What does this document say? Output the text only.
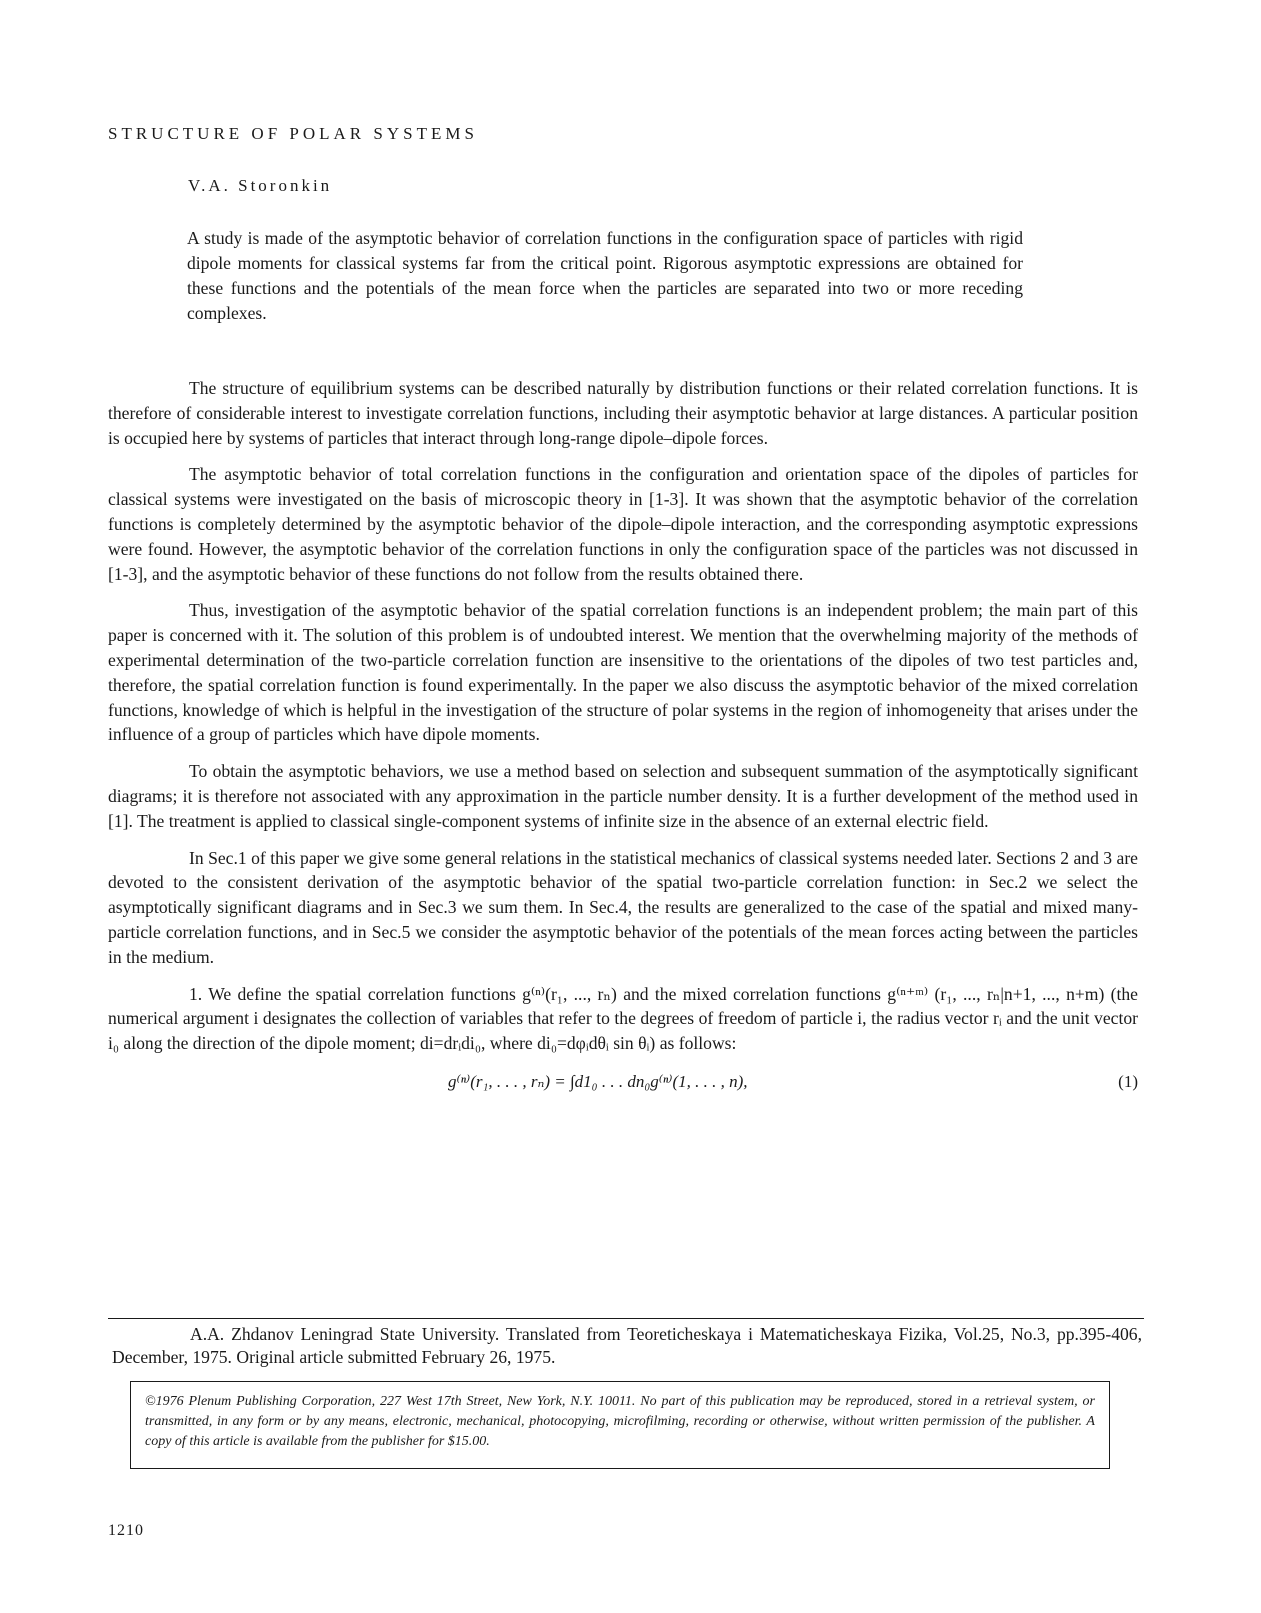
STRUCTURE OF POLAR SYSTEMS
V.A. Storonkin
A study is made of the asymptotic behavior of correlation functions in the configuration space of particles with rigid dipole moments for classical systems far from the critical point. Rigorous asymptotic expressions are obtained for these functions and the potentials of the mean force when the particles are separated into two or more receding complexes.

The structure of equilibrium systems can be described naturally by distribution functions or their related correlation functions. It is therefore of considerable interest to investigate correlation functions, including their asymptotic behavior at large distances. A particular position is occupied here by systems of particles that interact through long-range dipole–dipole forces.

The asymptotic behavior of total correlation functions in the configuration and orientation space of the dipoles of particles for classical systems were investigated on the basis of microscopic theory in [1-3]. It was shown that the asymptotic behavior of the correlation functions is completely determined by the asymptotic behavior of the dipole–dipole interaction, and the corresponding asymptotic expressions were found. However, the asymptotic behavior of the correlation functions in only the configuration space of the particles was not discussed in [1-3], and the asymptotic behavior of these functions do not follow from the results obtained there.

Thus, investigation of the asymptotic behavior of the spatial correlation functions is an independent problem; the main part of this paper is concerned with it. The solution of this problem is of undoubted interest. We mention that the overwhelming majority of the methods of experimental determination of the two-particle correlation function are insensitive to the orientations of the dipoles of two test particles and, therefore, the spatial correlation function is found experimentally. In the paper we also discuss the asymptotic behavior of the mixed correlation functions, knowledge of which is helpful in the investigation of the structure of polar systems in the region of inhomogeneity that arises under the influence of a group of particles which have dipole moments.

To obtain the asymptotic behaviors, we use a method based on selection and subsequent summation of the asymptotically significant diagrams; it is therefore not associated with any approximation in the particle number density. It is a further development of the method used in [1]. The treatment is applied to classical single-component systems of infinite size in the absence of an external electric field.

In Sec.1 of this paper we give some general relations in the statistical mechanics of classical systems needed later. Sections 2 and 3 are devoted to the consistent derivation of the asymptotic behavior of the spatial two-particle correlation function: in Sec.2 we select the asymptotically significant diagrams and in Sec.3 we sum them. In Sec.4, the results are generalized to the case of the spatial and mixed many-particle correlation functions, and in Sec.5 we consider the asymptotic behavior of the potentials of the mean forces acting between the particles in the medium.

1. We define the spatial correlation functions g⁽ⁿ⁾(r₁, ..., rₙ) and the mixed correlation functions g⁽ⁿ⁺ᵐ⁾ (r₁, ..., rₙ|n+1, ..., n+m) (the numerical argument i designates the collection of variables that refer to the degrees of freedom of particle i, the radius vector rᵢ and the unit vector i₀ along the direction of the dipole moment; di=drᵢdi₀, where di₀=dφᵢdθᵢ sin θᵢ) as follows:

g⁽ⁿ⁾(r₁, . . . , rₙ) = ∫d1₀ . . . dn₀g⁽ⁿ⁾(1, . . . , n),	(1)
A.A. Zhdanov Leningrad State University. Translated from Teoreticheskaya i Matematicheskaya Fizika, Vol.25, No.3, pp.395-406, December, 1975. Original article submitted February 26, 1975.
©1976 Plenum Publishing Corporation, 227 West 17th Street, New York, N.Y. 10011. No part of this publication may be reproduced, stored in a retrieval system, or transmitted, in any form or by any means, electronic, mechanical, photocopying, microfilming, recording or otherwise, without written permission of the publisher. A copy of this article is available from the publisher for $15.00.
1210
